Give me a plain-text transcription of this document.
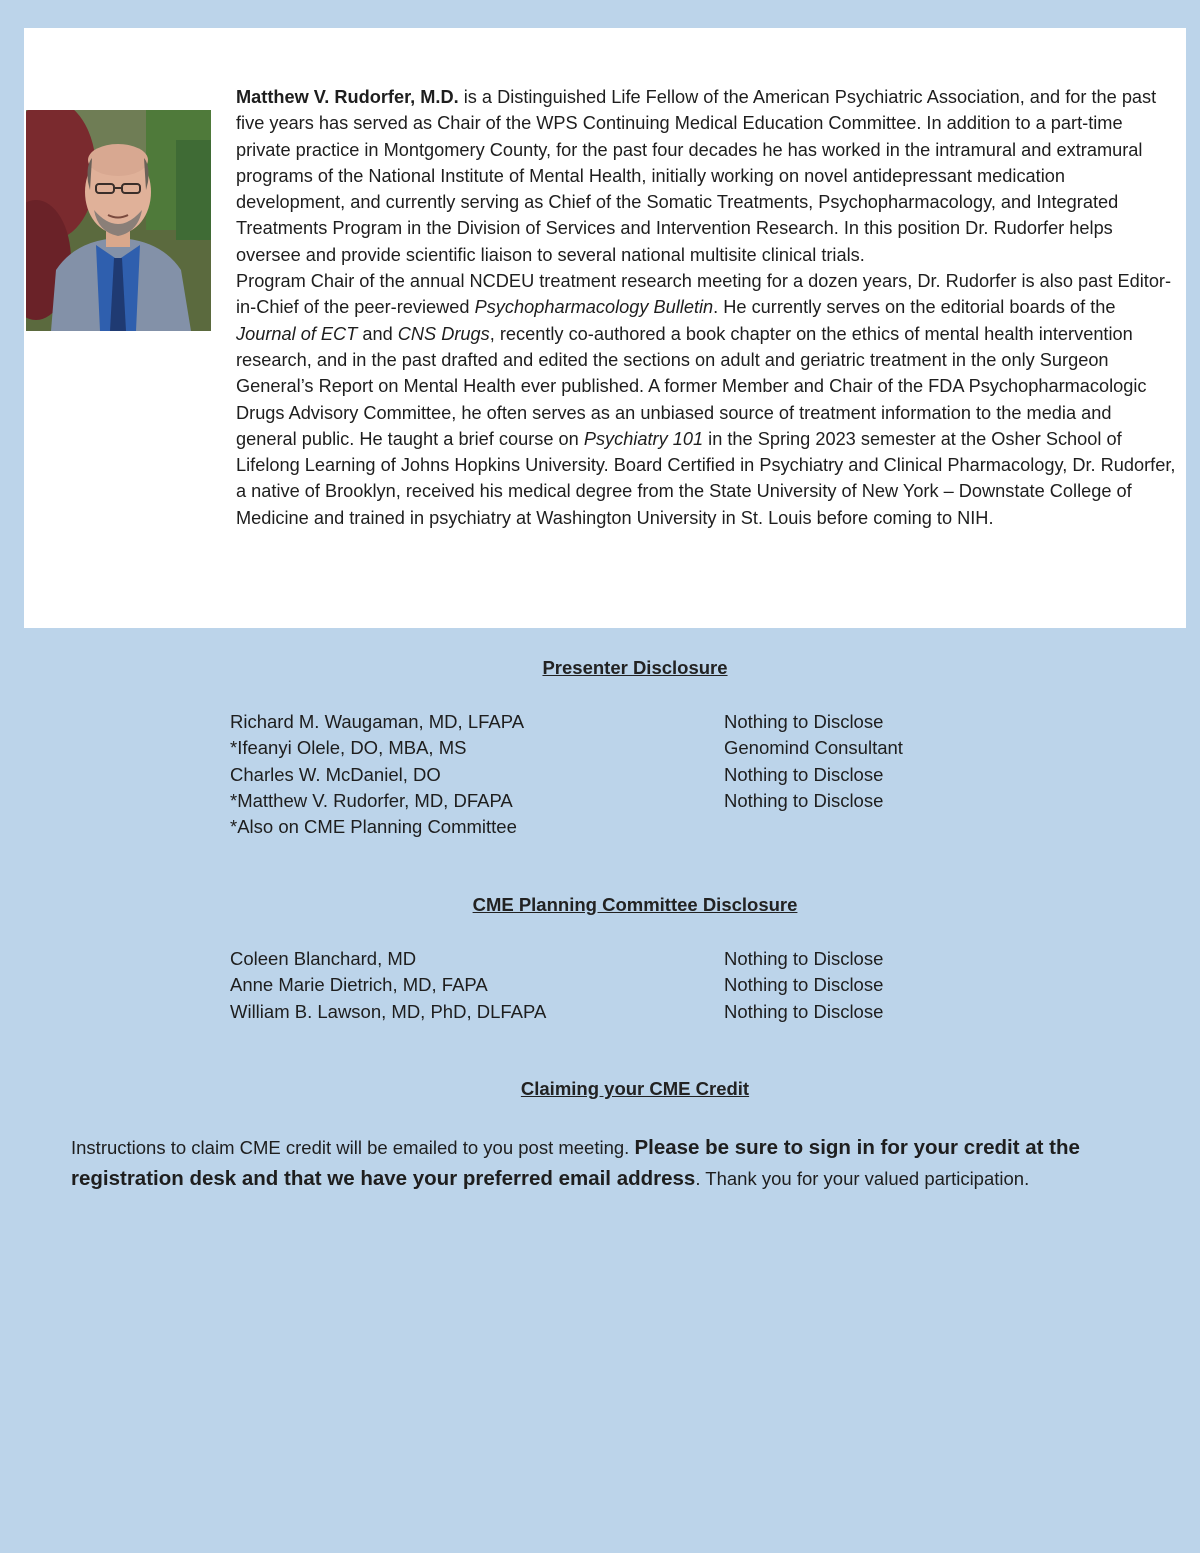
Matthew V. Rudorfer, M.D. is a Distinguished Life Fellow of the American Psychiatric Association, and for the past five years has served as Chair of the WPS Continuing Medical Education Committee. In addition to a part-time private practice in Montgomery County, for the past four decades he has worked in the intramural and extramural programs of the National Institute of Mental Health, initially working on novel antidepressant medication development, and currently serving as Chief of the Somatic Treatments, Psychopharmacology, and Integrated Treatments Program in the Division of Services and Intervention Research. In this position Dr. Rudorfer helps oversee and provide scientific liaison to several national multisite clinical trials.

Program Chair of the annual NCDEU treatment research meeting for a dozen years, Dr. Rudorfer is also past Editor-in-Chief of the peer-reviewed Psychopharmacology Bulletin. He currently serves on the editorial boards of the Journal of ECT and CNS Drugs, recently co-authored a book chapter on the ethics of mental health intervention research, and in the past drafted and edited the sections on adult and geriatric treatment in the only Surgeon General’s Report on Mental Health ever published. A former Member and Chair of the FDA Psychopharmacologic Drugs Advisory Committee, he often serves as an unbiased source of treatment information to the media and general public. He taught a brief course on Psychiatry 101 in the Spring 2023 semester at the Osher School of Lifelong Learning of Johns Hopkins University. Board Certified in Psychiatry and Clinical Pharmacology, Dr. Rudorfer, a native of Brooklyn, received his medical degree from the State University of New York – Downstate College of Medicine and trained in psychiatry at Washington University in St. Louis before coming to NIH.

Presenter Disclosure
Richard M. Waugaman, MD, LFAPA	Nothing to Disclose
*Ifeanyi Olele, DO, MBA, MS	Genomind Consultant
Charles W. McDaniel, DO	Nothing to Disclose
*Matthew V. Rudorfer, MD, DFAPA	Nothing to Disclose
*Also on CME Planning Committee
CME Planning Committee Disclosure
Coleen Blanchard, MD	Nothing to Disclose
Anne Marie Dietrich, MD, FAPA	Nothing to Disclose
William B. Lawson, MD, PhD, DLFAPA	Nothing to Disclose
Claiming your CME Credit
Instructions to claim CME credit will be emailed to you post meeting. Please be sure to sign in for your credit at the registration desk and that we have your preferred email address. Thank you for your valued participation.
